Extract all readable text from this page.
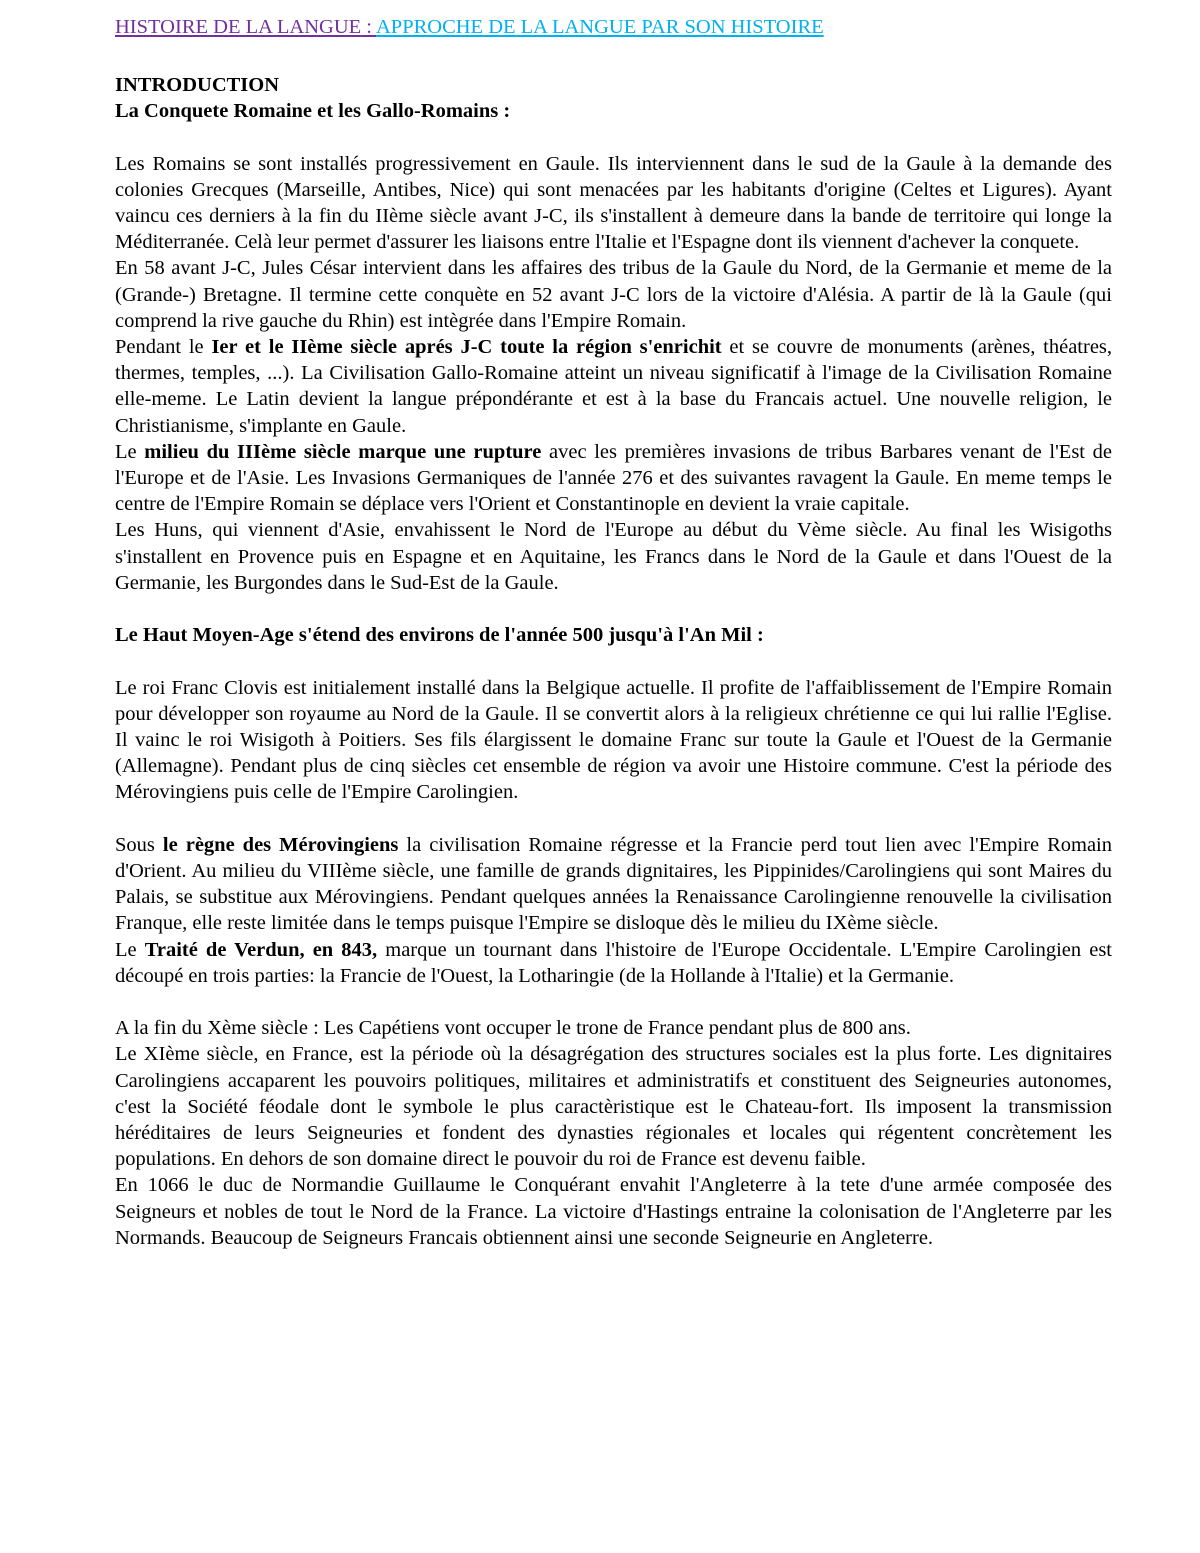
HISTOIRE DE LA LANGUE : APPROCHE DE LA LANGUE PAR SON HISTOIRE
INTRODUCTION
La Conquete Romaine et les Gallo-Romains :

Les Romains se sont installés progressivement en Gaule. Ils interviennent dans le sud de la Gaule à la demande des colonies Grecques (Marseille, Antibes, Nice) qui sont menacées par les habitants d'origine (Celtes et Ligures). Ayant vaincu ces derniers à la fin du IIème siècle avant J-C, ils s'installent à demeure dans la bande de territoire qui longe la Méditerranée. Celà leur permet d'assurer les liaisons entre l'Italie et l'Espagne dont ils viennent d'achever la conquete.

En 58 avant J-C, Jules César intervient dans les affaires des tribus de la Gaule du Nord, de la Germanie et meme de la (Grande-) Bretagne. Il termine cette conquète en 52 avant J-C lors de la victoire d'Alésia. A partir de là la Gaule (qui comprend la rive gauche du Rhin) est intègrée dans l'Empire Romain.

Pendant le Ier et le IIème siècle aprés J-C toute la région s'enrichit et se couvre de monuments (arènes, théatres, thermes, temples, ...). La Civilisation Gallo-Romaine atteint un niveau significatif à l'image de la Civilisation Romaine elle-meme. Le Latin devient la langue prépondérante et est à la base du Francais actuel. Une nouvelle religion, le Christianisme, s'implante en Gaule.

Le milieu du IIIème siècle marque une rupture avec les premières invasions de tribus Barbares venant de l'Est de l'Europe et de l'Asie. Les Invasions Germaniques de l'année 276 et des suivantes ravagent la Gaule. En meme temps le centre de l'Empire Romain se déplace vers l'Orient et Constantinople en devient la vraie capitale.

Les Huns, qui viennent d'Asie, envahissent le Nord de l'Europe au début du Vème siècle. Au final les Wisigoths s'installent en Provence puis en Espagne et en Aquitaine, les Francs dans le Nord de la Gaule et dans l'Ouest de la Germanie, les Burgondes dans le Sud-Est de la Gaule.

Le Haut Moyen-Age s'étend des environs de l'année 500 jusqu'à l'An Mil :

Le roi Franc Clovis est initialement installé dans la Belgique actuelle. Il profite de l'affaiblissement de l'Empire Romain pour développer son royaume au Nord de la Gaule. Il se convertit alors à la religieux chrétienne ce qui lui rallie l'Eglise. Il vainc le roi Wisigoth à Poitiers. Ses fils élargissent le domaine Franc sur toute la Gaule et l'Ouest de la Germanie (Allemagne). Pendant plus de cinq siècles cet ensemble de région va avoir une Histoire commune. C'est la période des Mérovingiens puis celle de l'Empire Carolingien.

Sous le règne des Mérovingiens la civilisation Romaine régresse et la Francie perd tout lien avec l'Empire Romain d'Orient. Au milieu du VIIIème siècle, une famille de grands dignitaires, les Pippinides/Carolingiens qui sont Maires du Palais, se substitue aux Mérovingiens. Pendant quelques années la Renaissance Carolingienne renouvelle la civilisation Franque, elle reste limitée dans le temps puisque l'Empire se disloque dès le milieu du IXème siècle.

Le Traité de Verdun, en 843, marque un tournant dans l'histoire de l'Europe Occidentale. L'Empire Carolingien est découpé en trois parties: la Francie de l'Ouest, la Lotharingie (de la Hollande à l'Italie) et la Germanie.

A la fin du Xème siècle : Les Capétiens vont occuper le trone de France pendant plus de 800 ans.

Le XIème siècle, en France, est la période où la désagrégation des structures sociales est la plus forte. Les dignitaires Carolingiens accaparent les pouvoirs politiques, militaires et administratifs et constituent des Seigneuries autonomes, c'est la Société féodale dont le symbole le plus caractèristique est le Chateau-fort. Ils imposent la transmission héréditaires de leurs Seigneuries et fondent des dynasties régionales et locales qui régentent concrètement les populations. En dehors de son domaine direct le pouvoir du roi de France est devenu faible.

En 1066 le duc de Normandie Guillaume le Conquérant envahit l'Angleterre à la tete d'une armée composée des Seigneurs et nobles de tout le Nord de la France. La victoire d'Hastings entraine la colonisation de l'Angleterre par les Normands. Beaucoup de Seigneurs Francais obtiennent ainsi une seconde Seigneurie en Angleterre.
